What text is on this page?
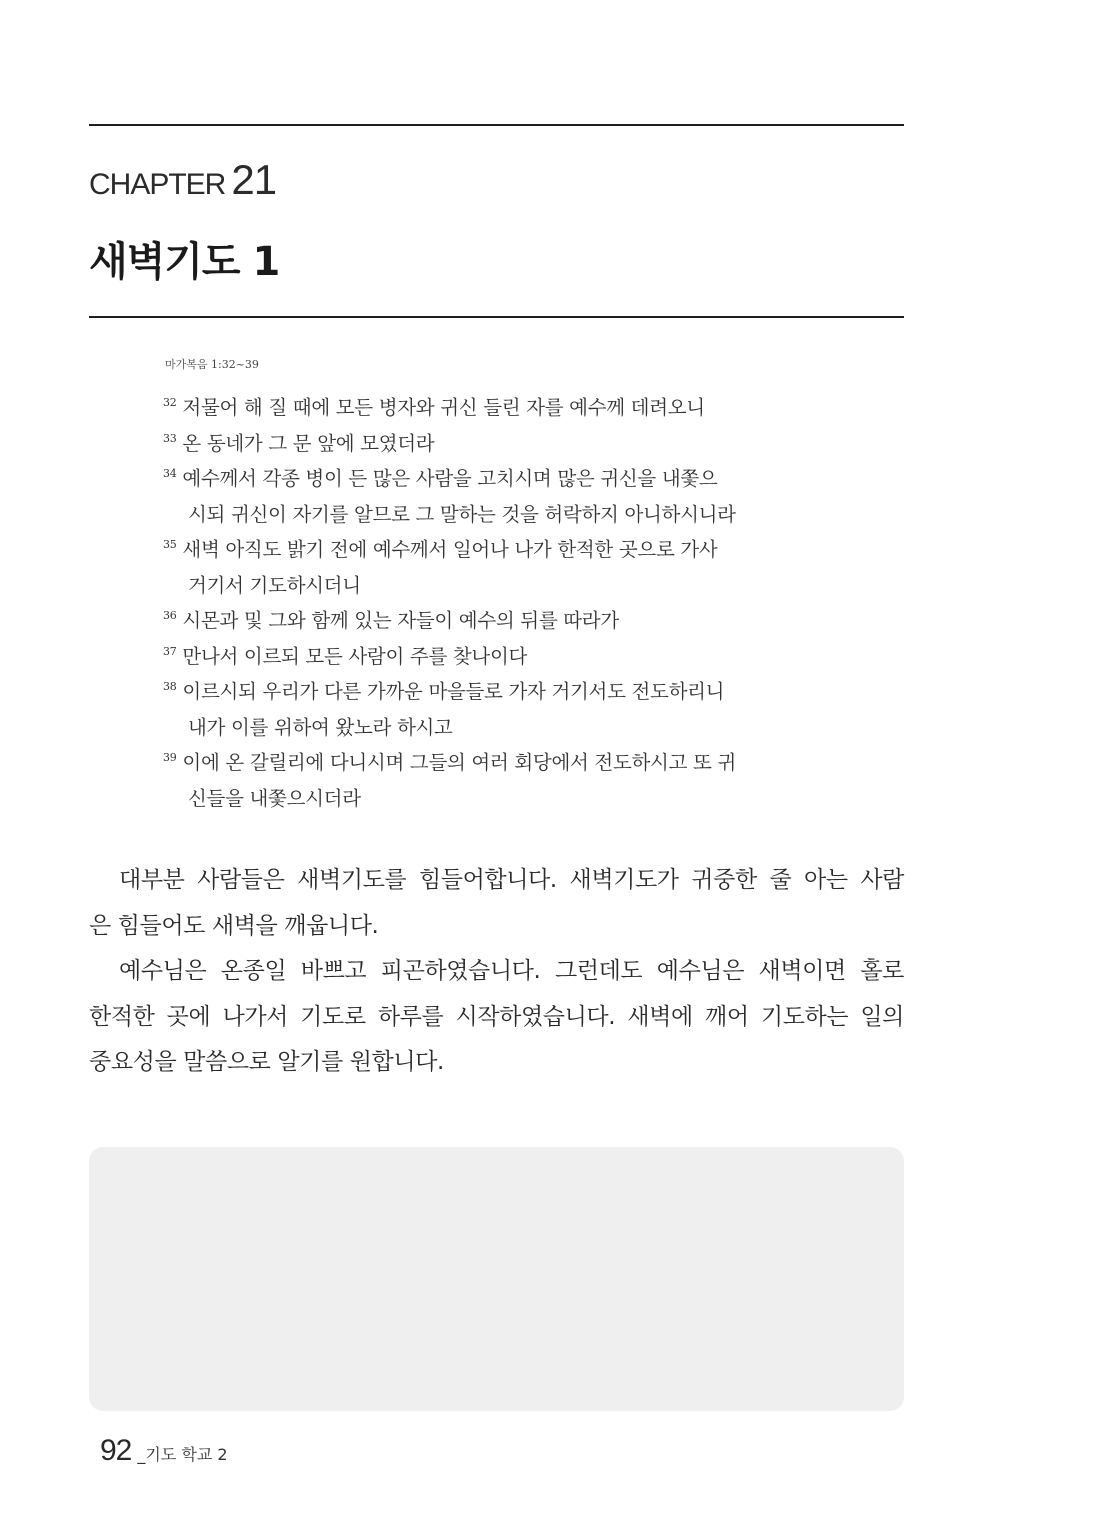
CHAPTER 21
새벽기도 1
마가복음 1:32~39
$^{32}$ 저물어 해 질 때에 모든 병자와 귀신 들린 자를 예수께 데려오니
$^{33}$ 온 동네가 그 문 앞에 모였더라
$^{34}$ 예수께서 각종 병이 든 많은 사람을 고치시며 많은 귀신을 내쫓으
시되 귀신이 자기를 알므로 그 말하는 것을 허락하지 아니하시니라
$^{35}$ 새벽 아직도 밝기 전에 예수께서 일어나 나가 한적한 곳으로 가사
거기서 기도하시더니
$^{36}$ 시몬과 및 그와 함께 있는 자들이 예수의 뒤를 따라가
$^{37}$ 만나서 이르되 모든 사람이 주를 찾나이다
$^{38}$ 이르시되 우리가 다른 가까운 마을들로 가자 거기서도 전도하리니
내가 이를 위하여 왔노라 하시고
$^{39}$ 이에 온 갈릴리에 다니시며 그들의 여러 회당에서 전도하시고 또 귀
신들을 내쫓으시더라

대부분 사람들은 새벽기도를 힘들어합니다. 새벽기도가 귀중한 줄 아는 사람
은 힘들어도 새벽을 깨웁니다.

예수님은 온종일 바쁘고 피곤하였습니다. 그런데도 예수님은 새벽이면 홀로
한적한 곳에 나가서 기도로 하루를 시작하였습니다. 새벽에 깨어 기도하는 일의
중요성을 말씀으로 알기를 원합니다.

92 _기도 학교 2
